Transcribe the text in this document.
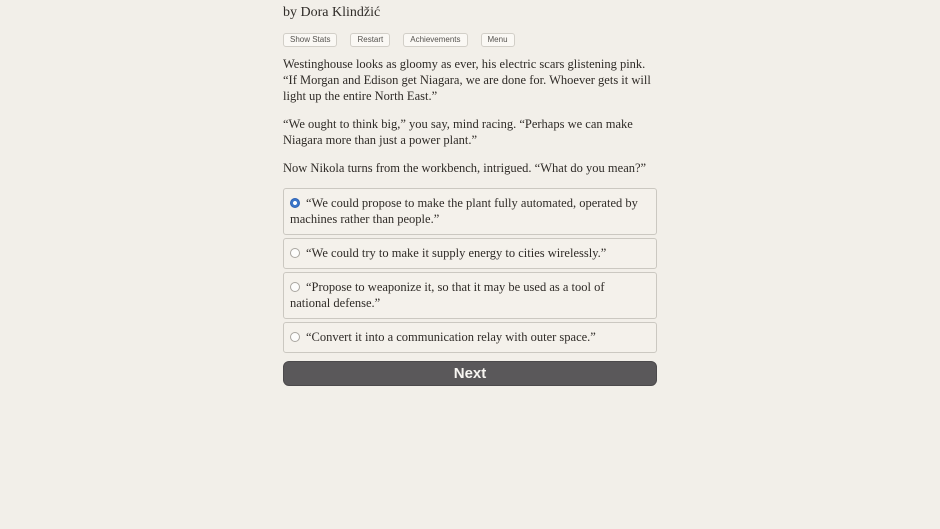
by Dora Klindžić
Show Stats	Restart	Achievements	Menu

Westinghouse looks as gloomy as ever, his electric scars glistening pink. “If Morgan and Edison get Niagara, we are done for. Whoever gets it will light up the entire North East.”

“We ought to think big,” you say, mind racing. “Perhaps we can make Niagara more than just a power plant.”

Now Nikola turns from the workbench, intrigued. “What do you mean?”

“We could propose to make the plant fully automated, operated by machines rather than people.”
“We could try to make it supply energy to cities wirelessly.”
“Propose to weaponize it, so that it may be used as a tool of national defense.”
“Convert it into a communication relay with outer space.”
Next
